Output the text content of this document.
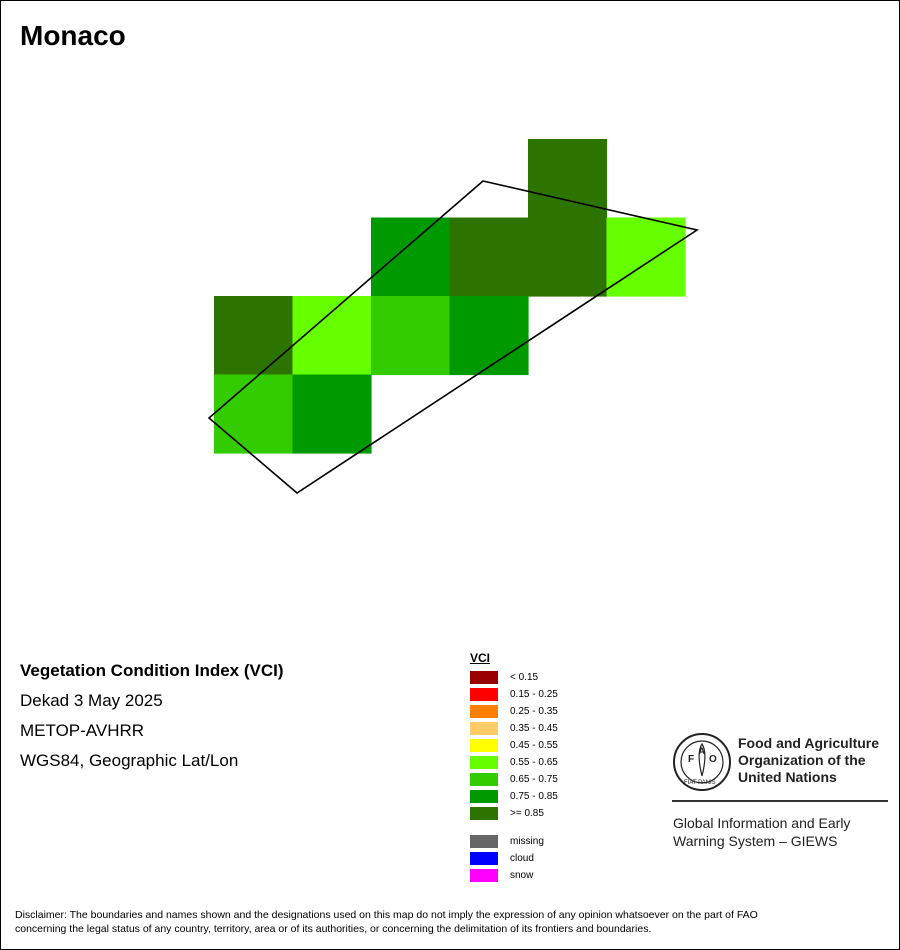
Monaco
Vegetation Condition Index (VCI)
Dekad 3 May 2025
METOP-AVHRR
WGS84, Geographic Lat/Lon
VCI
< 0.15
0.15 - 0.25
0.25 - 0.35
0.35 - 0.45
0.45 - 0.55
0.55 - 0.65
0.65 - 0.75
0.75 - 0.85
>= 0.85
missing
cloud
snow
F
A
O
FIAT PANIS
Food and Agriculture
Organization of the
United Nations
Global Information and Early
Warning System – GIEWS
Disclaimer: The boundaries and names shown and the designations used on this map do not imply the expression of any opinion whatsoever on the part of FAO
concerning the legal status of any country, territory, area or of its authorities, or concerning the delimitation of its frontiers and boundaries.
